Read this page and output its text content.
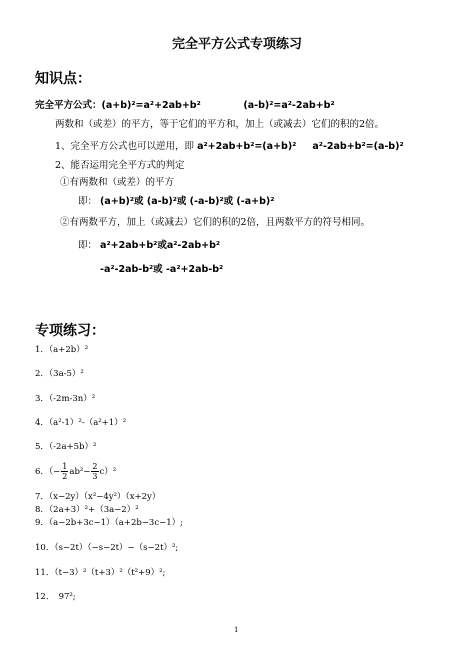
完全平方公式专项练习
知识点：
完全平方公式：(a+b)²=a²+2ab+b²	(a-b)²=a²-2ab+b²
两数和（或差）的平方，等于它们的平方和，加上（或减去）它们的积的2倍。
1、完全平方公式也可以逆用，即 a²+2ab+b²=(a+b)² a²-2ab+b²=(a-b)²
2、能否运用完全平方式的判定
①有两数和（或差）的平方
即： (a+b)²或 (a-b)²或 (-a-b)²或 (-a+b)²
②有两数平方，加上（或减去）它们的积的2倍，且两数平方的符号相同。
即： a²+2ab+b²或a²-2ab+b²
-a²-2ab-b²或 -a²+2ab-b²
专项练习：
1．（a+2b）²
2．（3a-5）²
3．（-2m-3n）²
4．（a²-1）²-（a²+1）²
5．（-2a+5b）²
6．（− $\frac{1}{2} ab^2- \frac{2}{3} c)^2$
7．（x−2y）（x²−4y²）（x+2y）
8．（2a+3）²+（3a−2）²
9．（a−2b+3c−1）（a+2b−3c−1）;
10．（s−2t）（−s−2t）−（s−2t）²;
11．（t−3）²（t+3）²（t²+9）²;
12．　97²;
1
